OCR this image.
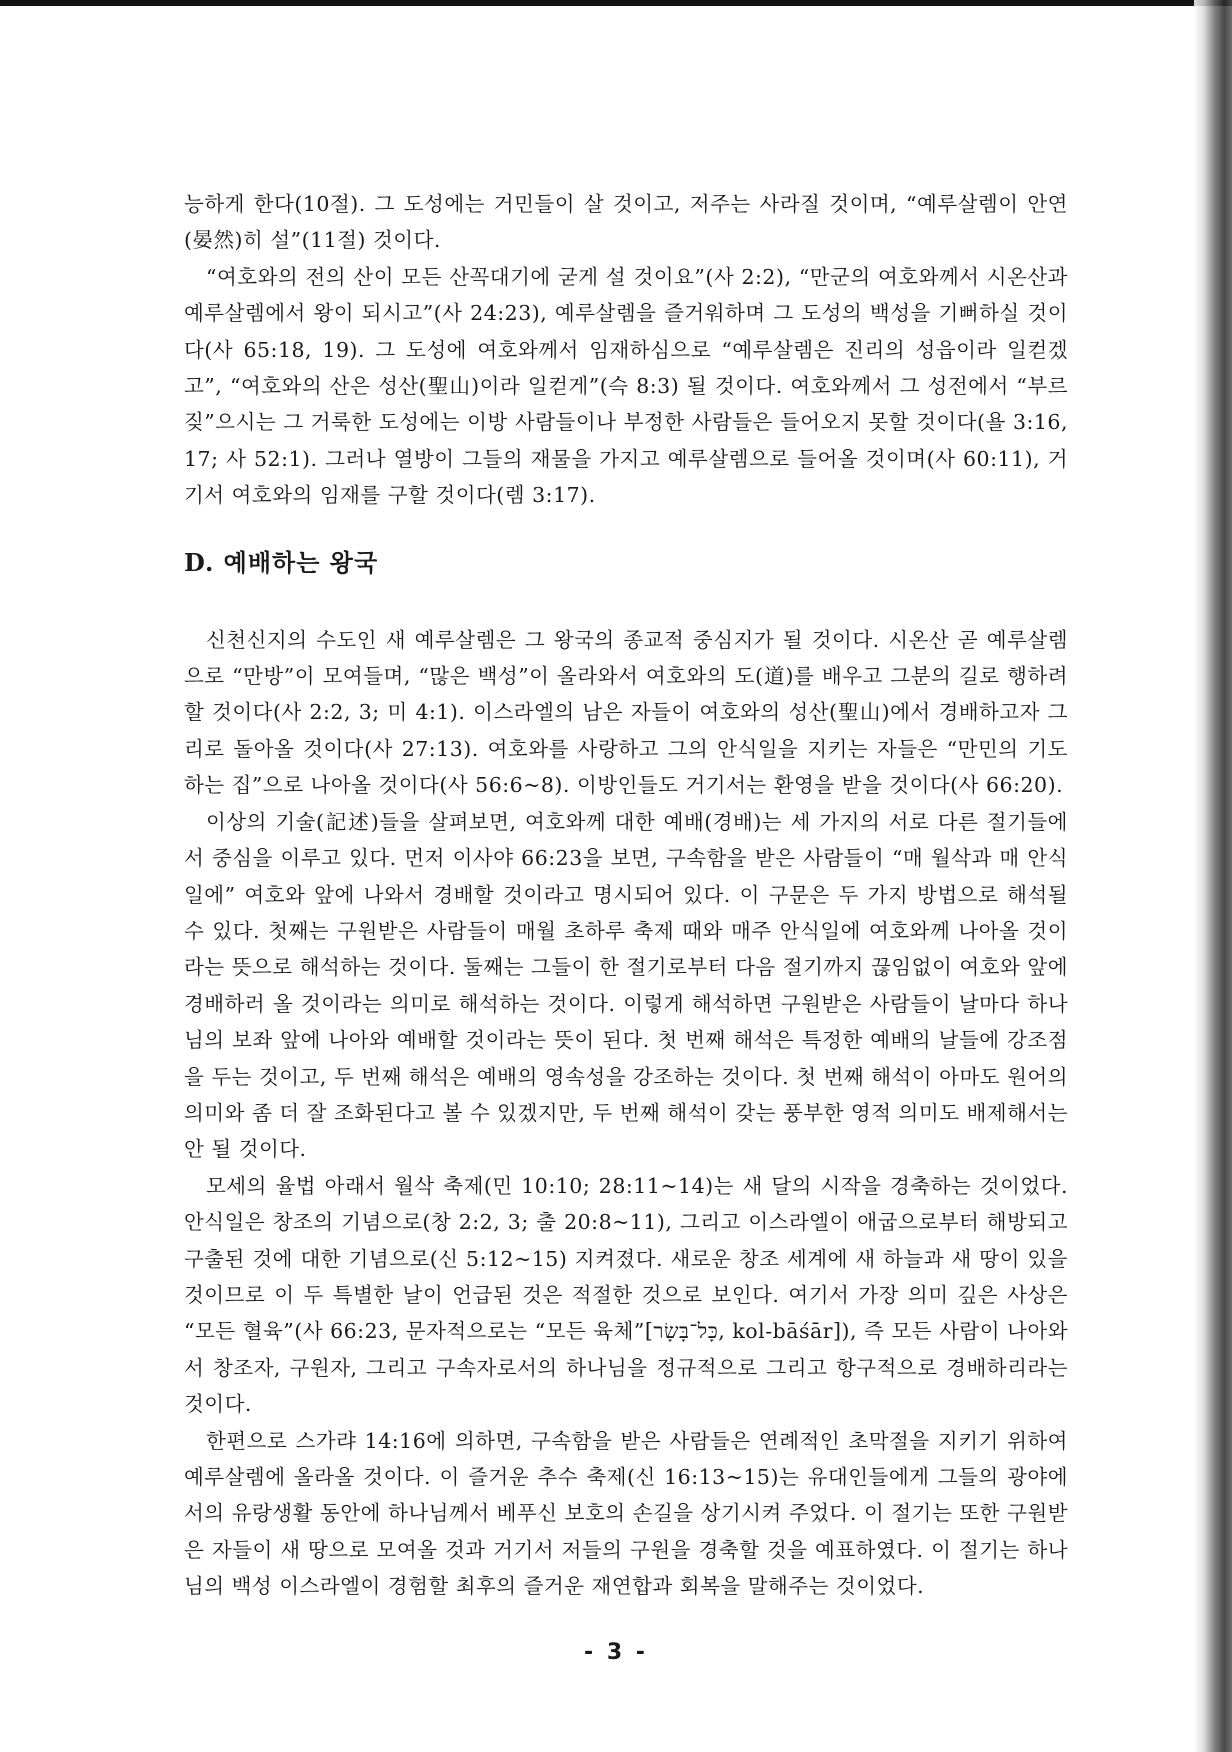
능하게 한다(10절). 그 도성에는 거민들이 살 것이고, 저주는 사라질 것이며, “예루살렘이 안연(晏然)히 설”(11절) 것이다.

“여호와의 전의 산이 모든 산꼭대기에 굳게 설 것이요”(사 2:2), “만군의 여호와께서 시온산과 예루살렘에서 왕이 되시고”(사 24:23), 예루살렘을 즐거워하며 그 도성의 백성을 기뻐하실 것이다(사 65:18, 19). 그 도성에 여호와께서 임재하심으로 “예루살렘은 진리의 성읍이라 일컫겠고”, “여호와의 산은 성산(聖山)이라 일컫게”(슥 8:3) 될 것이다. 여호와께서 그 성전에서 “부르짖”으시는 그 거룩한 도성에는 이방 사람들이나 부정한 사람들은 들어오지 못할 것이다(욜 3:16, 17; 사 52:1). 그러나 열방이 그들의 재물을 가지고 예루살렘으로 들어올 것이며(사 60:11), 거기서 여호와의 임재를 구할 것이다(렘 3:17).

D. 예배하는 왕국

신천신지의 수도인 새 예루살렘은 그 왕국의 종교적 중심지가 될 것이다. 시온산 곧 예루살렘으로 “만방”이 모여들며, “많은 백성”이 올라와서 여호와의 도(道)를 배우고 그분의 길로 행하려 할 것이다(사 2:2, 3; 미 4:1). 이스라엘의 남은 자들이 여호와의 성산(聖山)에서 경배하고자 그리로 돌아올 것이다(사 27:13). 여호와를 사랑하고 그의 안식일을 지키는 자들은 “만민의 기도하는 집”으로 나아올 것이다(사 56:6~8). 이방인들도 거기서는 환영을 받을 것이다(사 66:20).

이상의 기술(記述)들을 살펴보면, 여호와께 대한 예배(경배)는 세 가지의 서로 다른 절기들에서 중심을 이루고 있다. 먼저 이사야 66:23을 보면, 구속함을 받은 사람들이 “매 월삭과 매 안식일에” 여호와 앞에 나와서 경배할 것이라고 명시되어 있다. 이 구문은 두 가지 방법으로 해석될 수 있다. 첫째는 구원받은 사람들이 매월 초하루 축제 때와 매주 안식일에 여호와께 나아올 것이라는 뜻으로 해석하는 것이다. 둘째는 그들이 한 절기로부터 다음 절기까지 끊임없이 여호와 앞에 경배하러 올 것이라는 의미로 해석하는 것이다. 이렇게 해석하면 구원받은 사람들이 날마다 하나님의 보좌 앞에 나아와 예배할 것이라는 뜻이 된다. 첫 번째 해석은 특정한 예배의 날들에 강조점을 두는 것이고, 두 번째 해석은 예배의 영속성을 강조하는 것이다. 첫 번째 해석이 아마도 원어의 의미와 좀 더 잘 조화된다고 볼 수 있겠지만, 두 번째 해석이 갖는 풍부한 영적 의미도 배제해서는 안 될 것이다.

모세의 율법 아래서 월삭 축제(민 10:10; 28:11~14)는 새 달의 시작을 경축하는 것이었다. 안식일은 창조의 기념으로(창 2:2, 3; 출 20:8~11), 그리고 이스라엘이 애굽으로부터 해방되고 구출된 것에 대한 기념으로(신 5:12~15) 지켜졌다. 새로운 창조 세계에 새 하늘과 새 땅이 있을 것이므로 이 두 특별한 날이 언급된 것은 적절한 것으로 보인다. 여기서 가장 의미 깊은 사상은 “모든 혈육”(사 66:23, 문자적으로는 “모든 육체”[כָּל־בָּשָׂר, kol-bāśār]), 즉 모든 사람이 나아와서 창조자, 구원자, 그리고 구속자로서의 하나님을 정규적으로 그리고 항구적으로 경배하리라는 것이다.

한편으로 스가랴 14:16에 의하면, 구속함을 받은 사람들은 연례적인 초막절을 지키기 위하여 예루살렘에 올라올 것이다. 이 즐거운 추수 축제(신 16:13~15)는 유대인들에게 그들의 광야에서의 유랑생활 동안에 하나님께서 베푸신 보호의 손길을 상기시켜 주었다. 이 절기는 또한 구원받은 자들이 새 땅으로 모여올 것과 거기서 저들의 구원을 경축할 것을 예표하였다. 이 절기는 하나님의 백성 이스라엘이 경험할 최후의 즐거운 재연합과 회복을 말해주는 것이었다.

- 3 -
